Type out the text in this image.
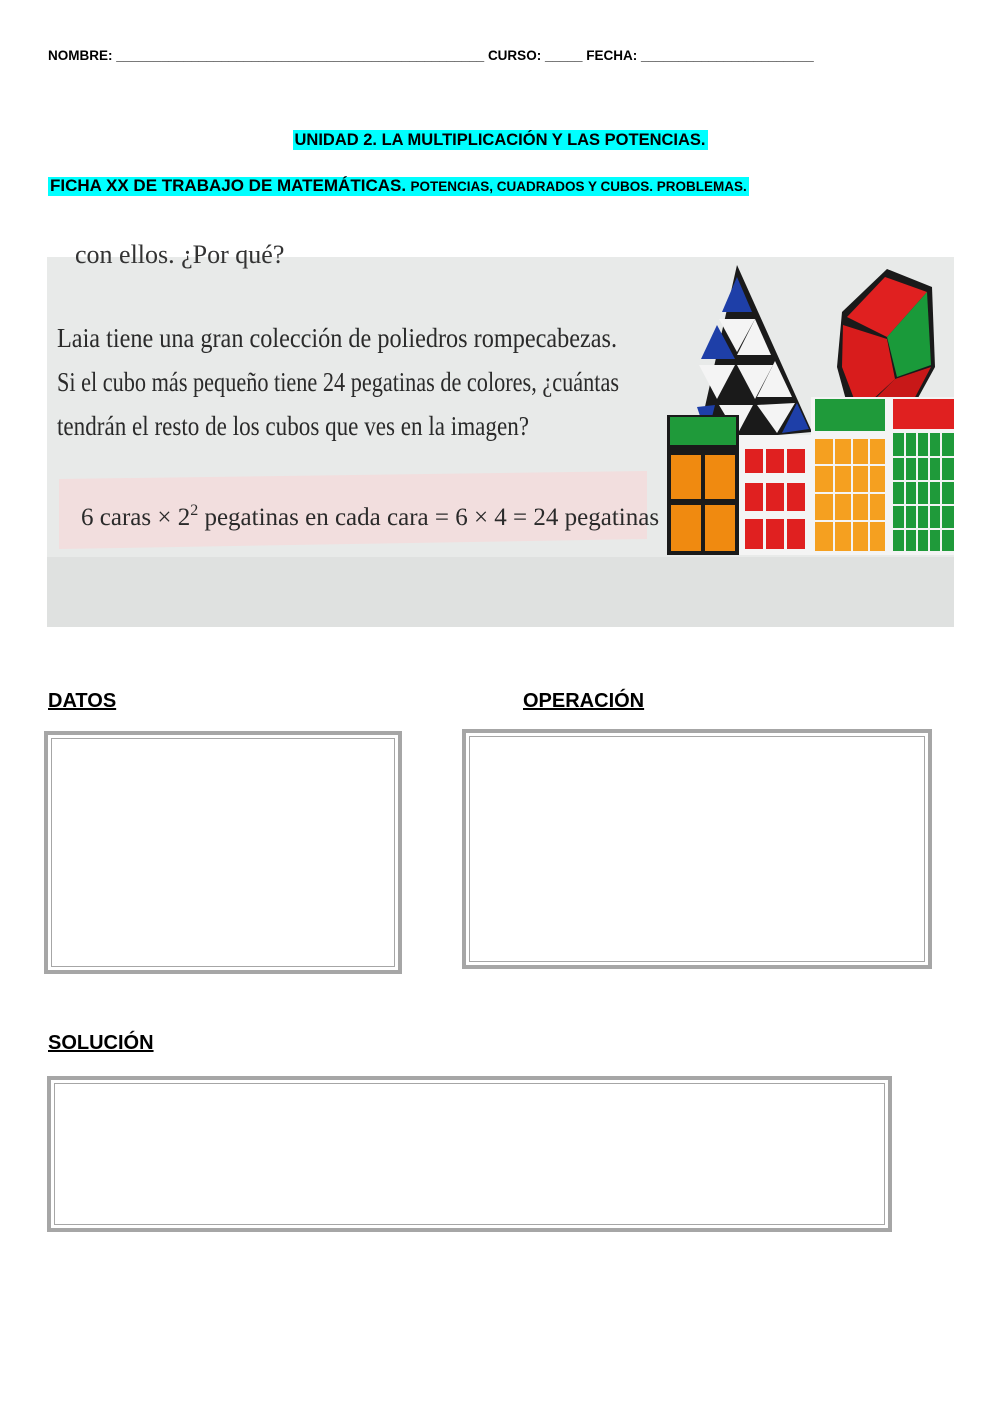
NOMBRE: _________________________________________________ CURSO: _____ FECHA: _______________________
UNIDAD 2. LA MULTIPLICACIÓN Y LAS POTENCIAS.
FICHA XX DE TRABAJO DE MATEMÁTICAS. POTENCIAS, CUADRADOS Y CUBOS. PROBLEMAS.
con ellos. ¿Por qué?
Laia tiene una gran colección de poliedros rompecabezas.
Si el cubo más pequeño tiene 24 pegatinas de colores, ¿cuántas
tendrán el resto de los cubos que ves en la imagen?
6 caras × $2^2$ pegatinas en cada cara = 6 × 4 = 24 pegatinas
DATOS	OPERACIÓN
SOLUCIÓN
